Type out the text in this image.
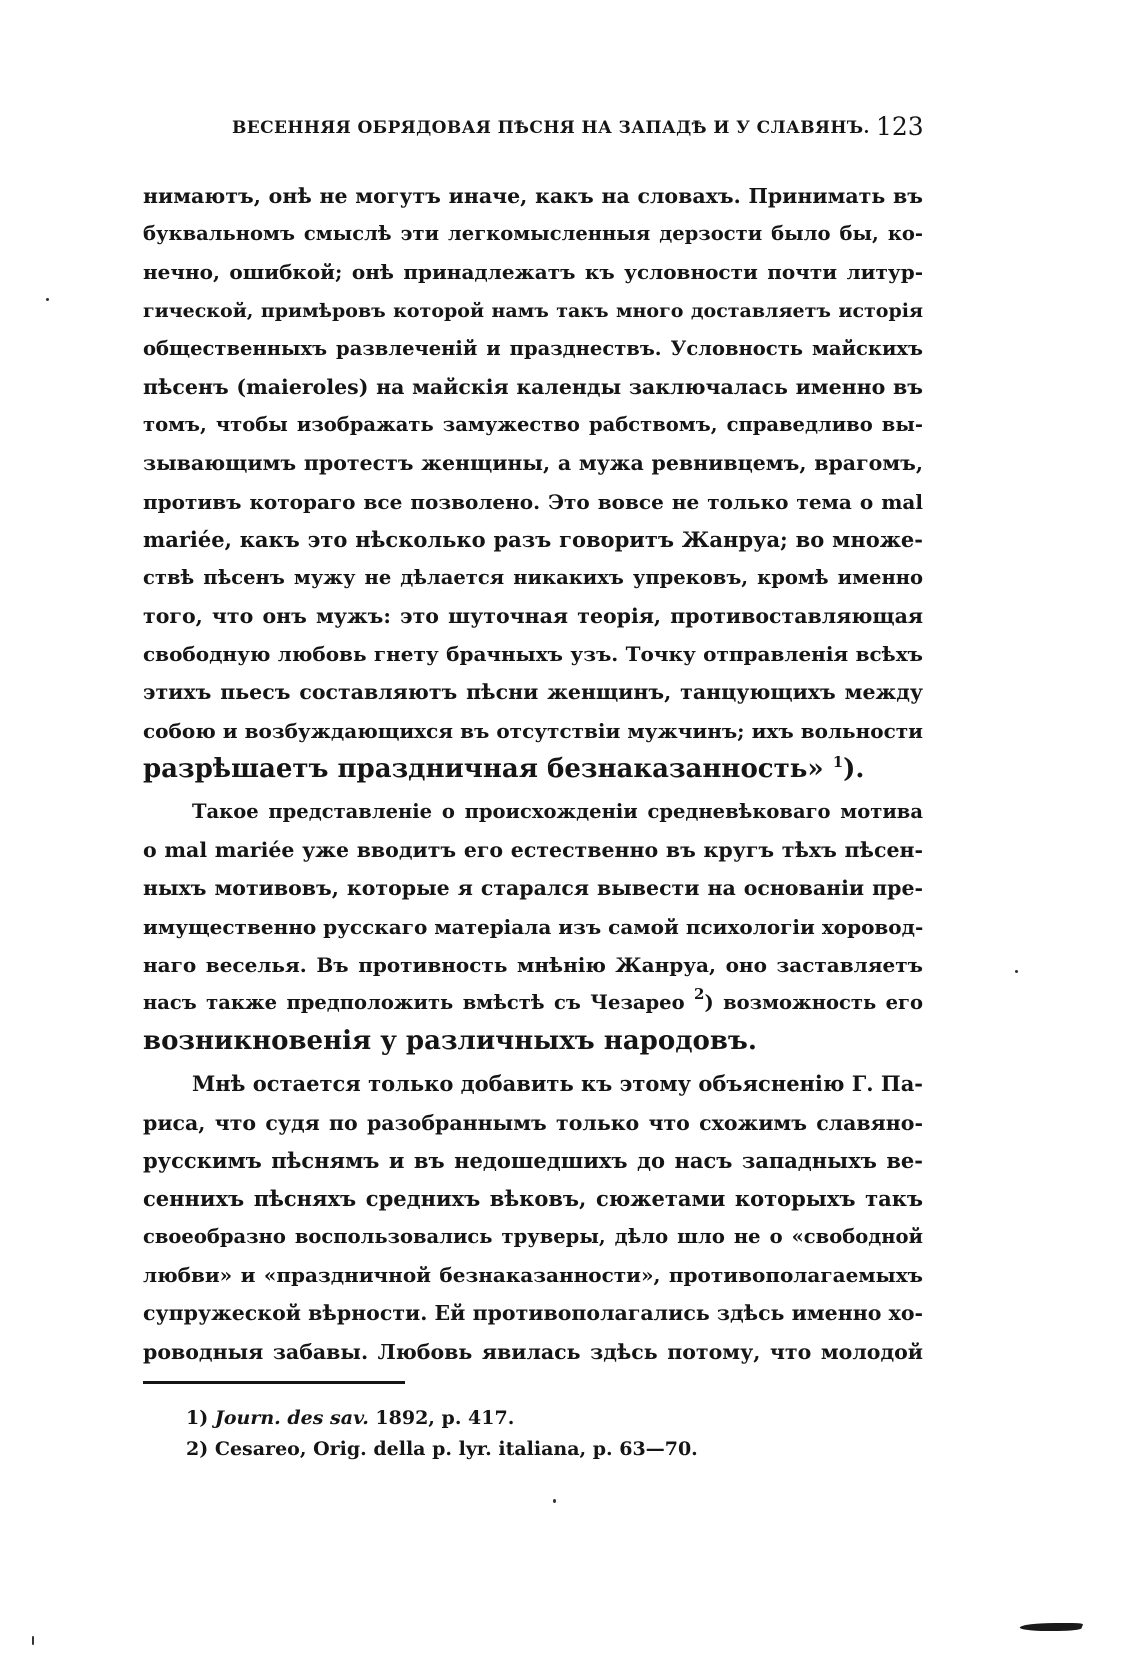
ВЕСЕННЯЯ ОБРЯДОВАЯ ПѢСНЯ НА ЗАПАДѢ И У СЛАВЯНЪ. 123
нимаютъ, онѣ не могутъ иначе, какъ на словахъ. Принимать въ
буквальномъ смыслѣ эти легкомысленныя дерзости было бы, ко-
нечно, ошибкой; онѣ принадлежатъ къ условности почти литур-
гической, примѣровъ которой намъ такъ много доставляетъ исторія
общественныхъ развлеченій и празднествъ. Условность майскихъ
пѣсенъ (maieroles) на майскія календы заключалась именно въ
томъ, чтобы изображать замужество рабствомъ, справедливо вы-
зывающимъ протестъ женщины, а мужа ревнивцемъ, врагомъ,
противъ котораго все позволено. Это вовсе не только тема о mal
mariée, какъ это нѣсколько разъ говоритъ Жанруа; во множе-
ствѣ пѣсенъ мужу не дѣлается никакихъ упрековъ, кромѣ именно
того, что онъ мужъ: это шуточная теорія, противоставляющая
свободную любовь гнету брачныхъ узъ. Точку отправленія всѣхъ
этихъ пьесъ составляютъ пѣсни женщинъ, танцующихъ между
собою и возбуждающихся въ отсутствіи мужчинъ; ихъ вольности
разрѣшаетъ праздничная безнаказанность» $^1$).
Такое представленіе о происхожденіи средневѣковаго мотива
о mal mariée уже вводитъ его естественно въ кругъ тѣхъ пѣсен-
ныхъ мотивовъ, которые я старался вывести на основаніи пре-
имущественно русскаго матеріала изъ самой психологіи хоровод-
наго веселья. Въ противность мнѣнію Жанруа, оно заставляетъ
насъ также предположить вмѣстѣ съ Чезарео $^2$) возможность его
возникновенія у различныхъ народовъ.
Мнѣ остается только добавить къ этому объясненію Г. Па-
риса, что судя по разобраннымъ только что схожимъ славяно-
русскимъ пѣснямъ и въ недошедшихъ до насъ западныхъ ве-
сеннихъ пѣсняхъ среднихъ вѣковъ, сюжетами которыхъ такъ
своеобразно воспользовались труверы, дѣло шло не о «свободной
любви» и «праздничной безнаказанности», противополагаемыхъ
супружеской вѣрности. Ей противополагались здѣсь именно хо-
роводныя забавы. Любовь явилась здѣсь потому, что молодой
1) Journ. des sav. 1892, p. 417.
2) Cesareo, Orig. della p. lyr. italiana, p. 63—70.
